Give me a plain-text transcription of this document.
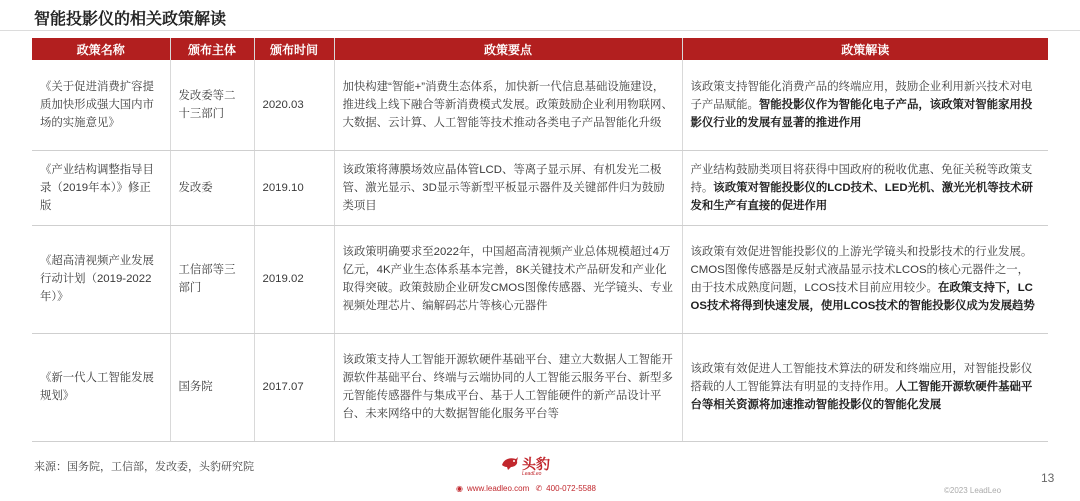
智能投影仪的相关政策解读
政策名称	颁布主体	颁布时间	政策要点	政策解读
《关于促进消费扩容提质加快形成强大国内市场的实施意见》	发改委等二十三部门	2020.03	加快构建“智能+”消费生态体系，加快新一代信息基础设施建设，推进线上线下融合等新消费模式发展。政策鼓励企业利用物联网、大数据、云计算、人工智能等技术推动各类电子产品智能化升级	该政策支持智能化消费产品的终端应用，鼓励企业利用新兴技术对电子产品赋能。智能投影仪作为智能化电子产品，该政策对智能家用投影仪行业的发展有显著的推进作用
《产业结构调整指导目录（2019年本）》修正版	发改委	2019.10	该政策将薄膜场效应晶体管LCD、等离子显示屏、有机发光二极管、激光显示、3D显示等新型平板显示器件及关键部件归为鼓励类项目	产业结构鼓励类项目将获得中国政府的税收优惠、免征关税等政策支持。该政策对智能投影仪的LCD技术、LED光机、激光光机等技术研发和生产有直接的促进作用
《超高清视频产业发展行动计划（2019-2022年）》	工信部等三部门	2019.02	该政策明确要求至2022年，中国超高清视频产业总体规模超过4万亿元，4K产业生态体系基本完善，8K关键技术产品研发和产业化取得突破。政策鼓励企业研发CMOS图像传感器、光学镜头、专业视频处理芯片、编解码芯片等核心元器件	该政策有效促进智能投影仪的上游光学镜头和投影技术的行业发展。CMOS图像传感器是反射式液晶显示技术LCOS的核心元器件之一，由于技术成熟度问题，LCOS技术目前应用较少。在政策支持下，LCOS技术将得到快速发展，使用LCOS技术的智能投影仪成为发展趋势
《新一代人工智能发展规划》	国务院	2017.07	该政策支持人工智能开源软硬件基础平台、建立大数据人工智能开源软件基础平台、终端与云端协同的人工智能云服务平台、新型多元智能传感器件与集成平台、基于人工智能硬件的新产品设计平台、未来网络中的大数据智能化服务平台等	该政策有效促进人工智能技术算法的研发和终端应用，对智能投影仪搭载的人工智能算法有明显的支持作用。人工智能开源软硬件基础平台等相关资源将加速推动智能投影仪的智能化发展
来源：国务院，工信部，发改委，头豹研究院	头豹
LeadLeo
◉ www.leadleo.com ✆ 400-072-5588	©2023 LeadLeo
13
